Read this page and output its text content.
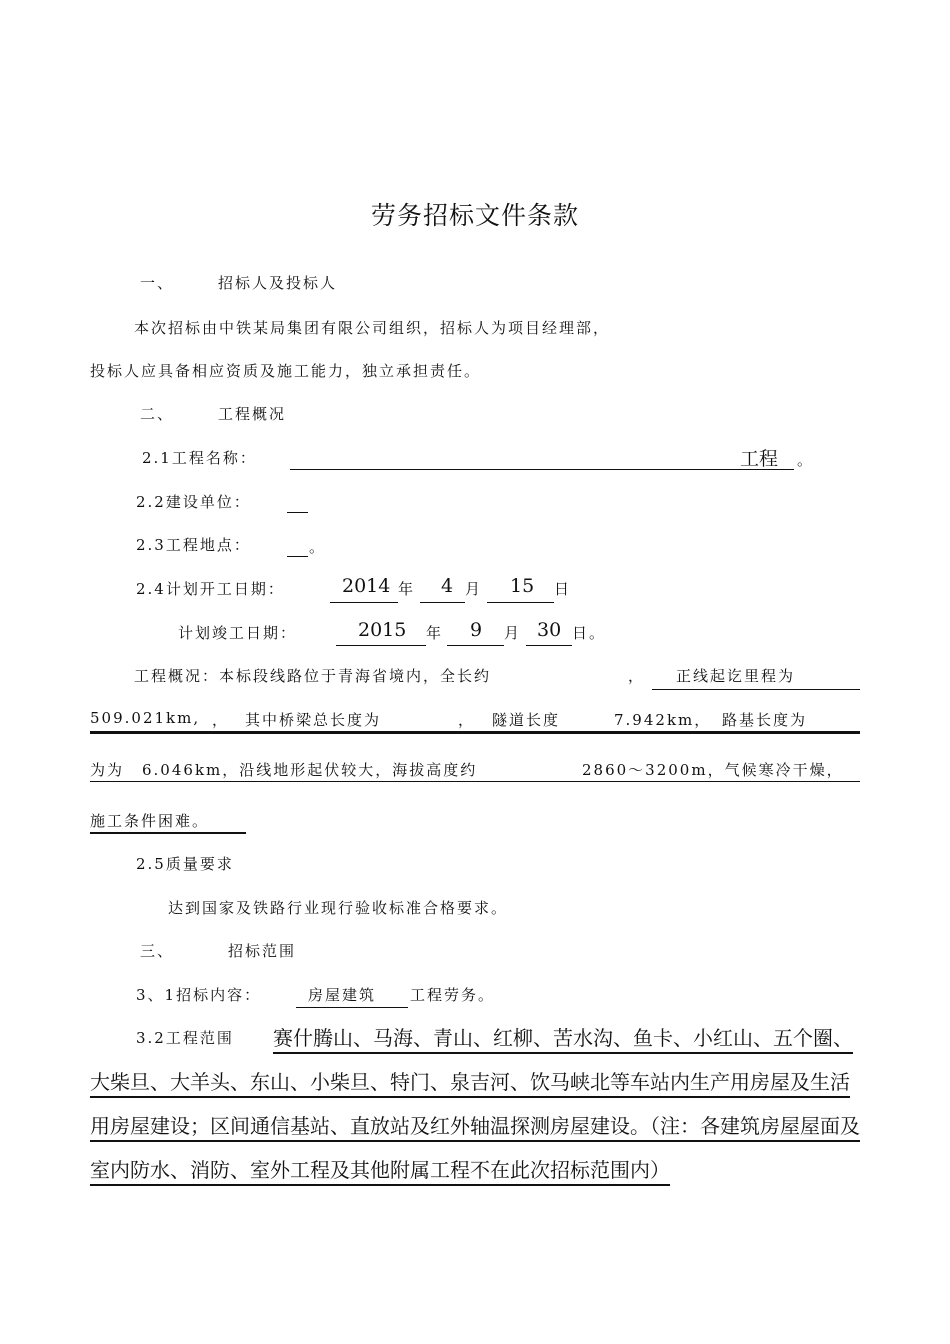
劳务招标文件条款
一、	招标人及投标人
本次招标由中铁某局集团有限公司组织，招标人为项目经理部，
投标人应具备相应资质及施工能力，独立承担责任。
二、	工程概况
2.1工程名称：	工程 。
2.2建设单位：
2.3工程地点：	。
2.4计划开工日期：	2014 年 4 月 15 日
计划竣工日期：	2015 年 9 月 30 日。
工程概况：本标段线路位于青海省境内，全长约	， 正线起讫里程为
509.021km, ， 其中桥梁总长度为	， 隧道长度	7.942km， 路基长度为
为为 6.046km，沿线地形起伏较大，海拔高度约	2860～3200m，气候寒冷干燥，
施工条件困难。
2.5质量要求
达到国家及铁路行业现行验收标准合格要求。
三、	招标范围
3、1招标内容：	房屋建筑 工程劳务。
3.2工程范围	赛什腾山、马海、青山、红柳、苦水沟、鱼卡、小红山、五个圈、大柴旦、大羊头、东山、小柴旦、特门、泉吉河、饮马峡北等车站内生产用房屋及生活用房屋建设；区间通信基站、直放站及红外轴温探测房屋建设。（注：各建筑房屋屋面及室内防水、消防、室外工程及其他附属工程不在此次招标范围内）
